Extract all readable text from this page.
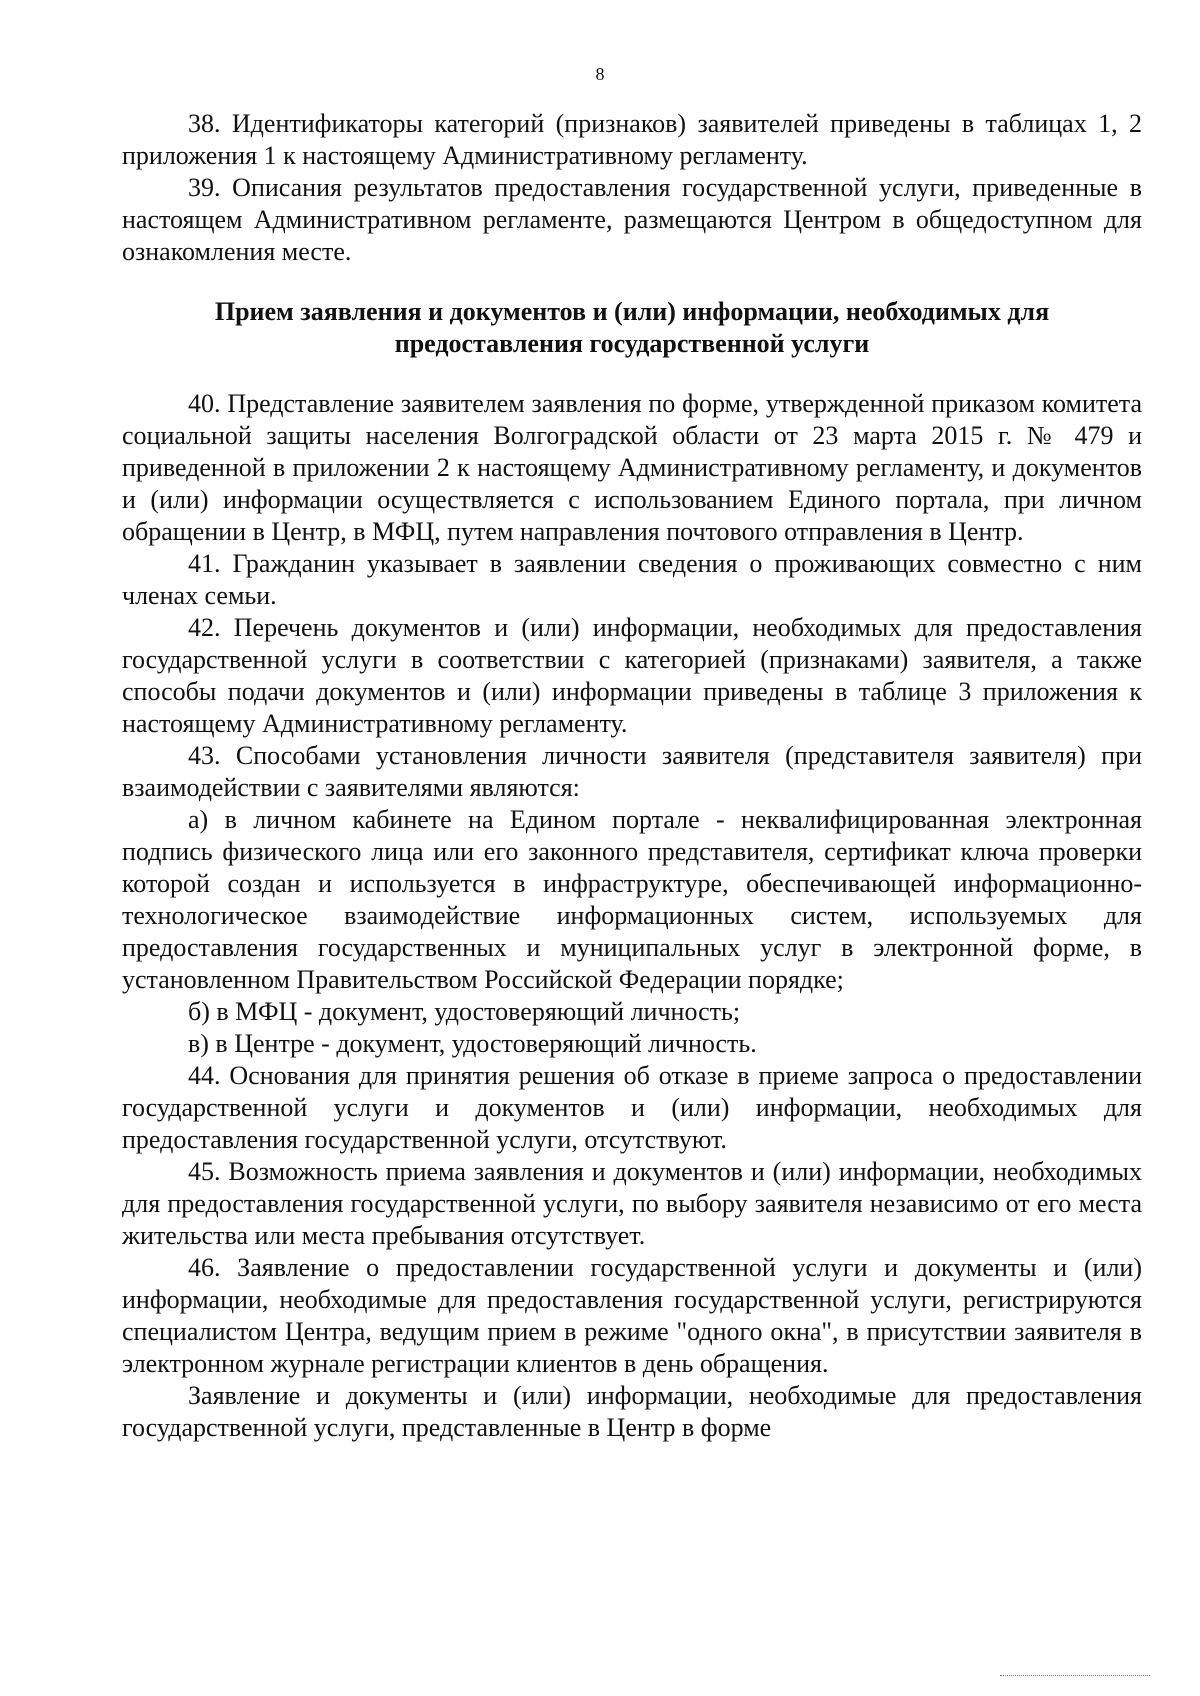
8

38. Идентификаторы категорий (признаков) заявителей приведены в таблицах 1, 2 приложения 1 к настоящему Административному регламенту.

39. Описания результатов предоставления государственной услуги, приведенные в настоящем Административном регламенте, размещаются Центром в общедоступном для ознакомления месте.

Прием заявления и документов и (или) информации, необходимых для предоставления государственной услуги

40. Представление заявителем заявления по форме, утвержденной приказом комитета социальной защиты населения Волгоградской области от 23 марта 2015 г. № 479 и приведенной в приложении 2 к настоящему Административному регламенту, и документов и (или) информации осуществляется с использованием Единого портала, при личном обращении в Центр, в МФЦ, путем направления почтового отправления в Центр.

41. Гражданин указывает в заявлении сведения о проживающих совместно с ним членах семьи.

42. Перечень документов и (или) информации, необходимых для предоставления государственной услуги в соответствии с категорией (признаками) заявителя, а также способы подачи документов и (или) информации приведены в таблице 3 приложения к настоящему Административному регламенту.

43. Способами установления личности заявителя (представителя заявителя) при взаимодействии с заявителями являются:

а) в личном кабинете на Едином портале - неквалифицированная электронная подпись физического лица или его законного представителя, сертификат ключа проверки которой создан и используется в инфраструктуре, обеспечивающей информационно-технологическое взаимодействие информационных систем, используемых для предоставления государственных и муниципальных услуг в электронной форме, в установленном Правительством Российской Федерации порядке;

б) в МФЦ - документ, удостоверяющий личность;

в) в Центре - документ, удостоверяющий личность.

44. Основания для принятия решения об отказе в приеме запроса о предоставлении государственной услуги и документов и (или) информации, необходимых для предоставления государственной услуги, отсутствуют.

45. Возможность приема заявления и документов и (или) информации, необходимых для предоставления государственной услуги, по выбору заявителя независимо от его места жительства или места пребывания отсутствует.

46. Заявление о предоставлении государственной услуги и документы и (или) информации, необходимые для предоставления государственной услуги, регистрируются специалистом Центра, ведущим прием в режиме "одного окна", в присутствии заявителя в электронном журнале регистрации клиентов в день обращения.

Заявление и документы и (или) информации, необходимые для предоставления государственной услуги, представленные в Центр в форме
